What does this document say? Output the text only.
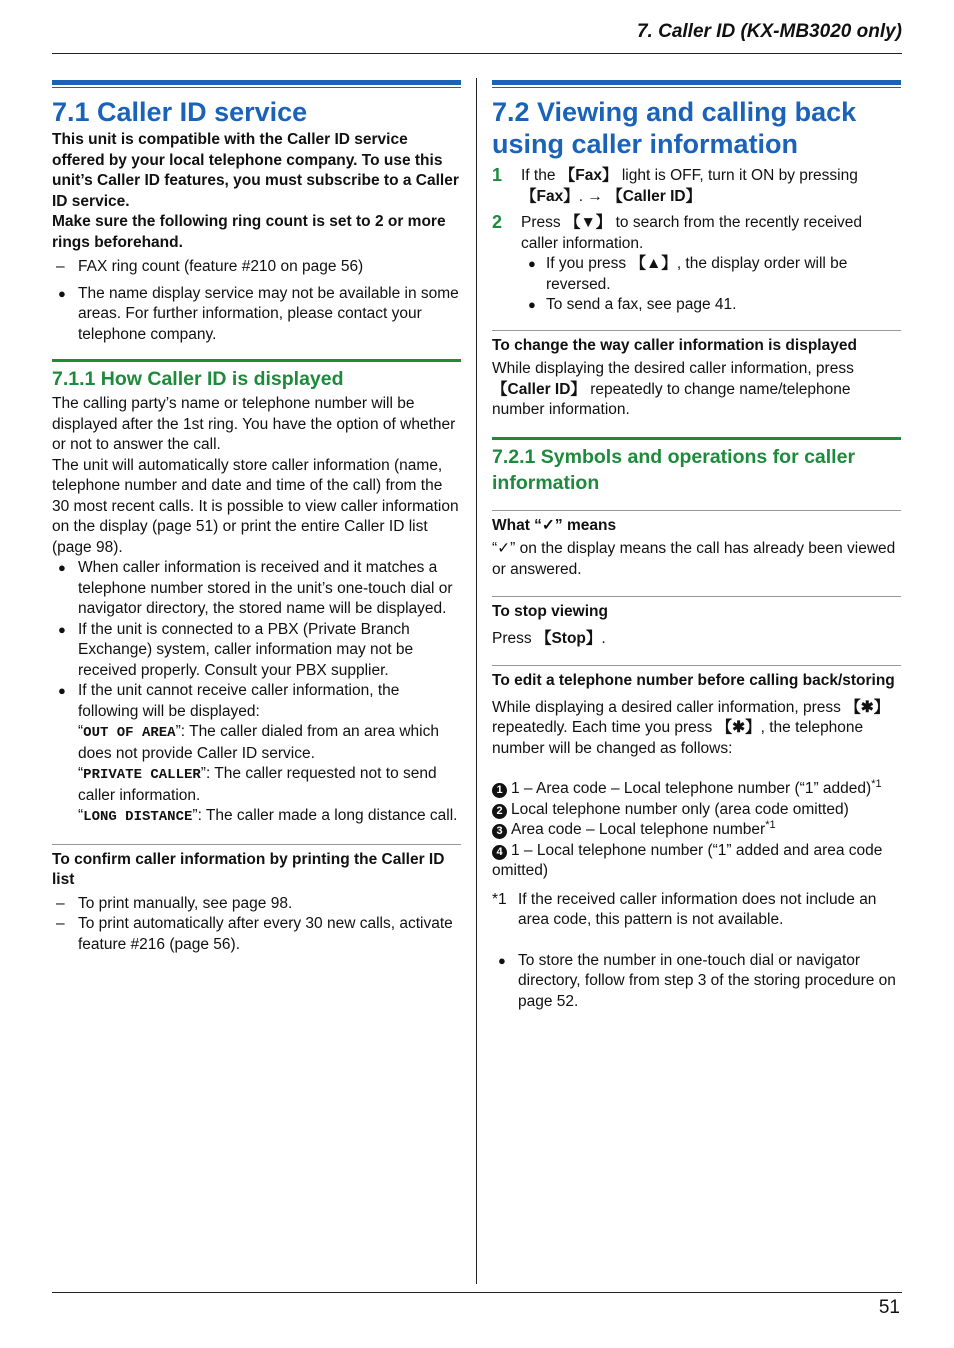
7. Caller ID (KX-MB3020 only)
7.1 Caller ID service

This unit is compatible with the Caller ID service offered by your local telephone company. To use this unit’s Caller ID features, you must subscribe to a Caller ID service.

Make sure the following ring count is set to 2 or more rings beforehand.

– FAX ring count (feature #210 on page 56)
● The name display service may not be available in some areas. For further information, please contact your telephone company.
7.1.1 How Caller ID is displayed

The calling party’s name or telephone number will be displayed after the 1st ring. You have the option of whether or not to answer the call.

The unit will automatically store caller information (name, telephone number and date and time of the call) from the 30 most recent calls. It is possible to view caller information on the display (page 51) or print the entire Caller ID list (page 98).

● When caller information is received and it matches a telephone number stored in the unit’s one-touch dial or navigator directory, the stored name will be displayed.
● If the unit is connected to a PBX (Private Branch Exchange) system, caller information may not be received properly. Consult your PBX supplier.
● If the unit cannot receive caller information, the following will be displayed:
“OUT OF AREA”: The caller dialed from an area which does not provide Caller ID service.
“PRIVATE CALLER”: The caller requested not to send caller information.
“LONG DISTANCE”: The caller made a long distance call.
To confirm caller information by printing the Caller ID list
– To print manually, see page 98.
– To print automatically after every 30 new calls, activate feature #216 (page 56).
7.2 Viewing and calling back using caller information
1 If the 【Fax】 light is OFF, turn it ON by pressing
【Fax】. → 【Caller ID】
2 Press 【▼】 to search from the recently received caller information.
● If you press 【▲】, the display order will be reversed.
● To send a fax, see page 41.
To change the way caller information is displayed

While displaying the desired caller information, press 【Caller ID】 repeatedly to change name/telephone number information.

7.2.1 Symbols and operations for caller information
What “✓” means

“✓” on the display means the call has already been viewed or answered.

To stop viewing

Press 【Stop】.

To edit a telephone number before calling back/storing

While displaying a desired caller information, press 【✱】 repeatedly. Each time you press 【✱】, the telephone number will be changed as follows:

1 1 – Area code – Local telephone number (“1” added)$^{*1}$

2 Local telephone number only (area code omitted)

3 Area code – Local telephone number$^{*1}$

4 1 – Local telephone number (“1” added and area code omitted)

*1 If the received caller information does not include an area code, this pattern is not available.
● To store the number in one-touch dial or navigator directory, follow from step 3 of the storing procedure on page 52.
51
